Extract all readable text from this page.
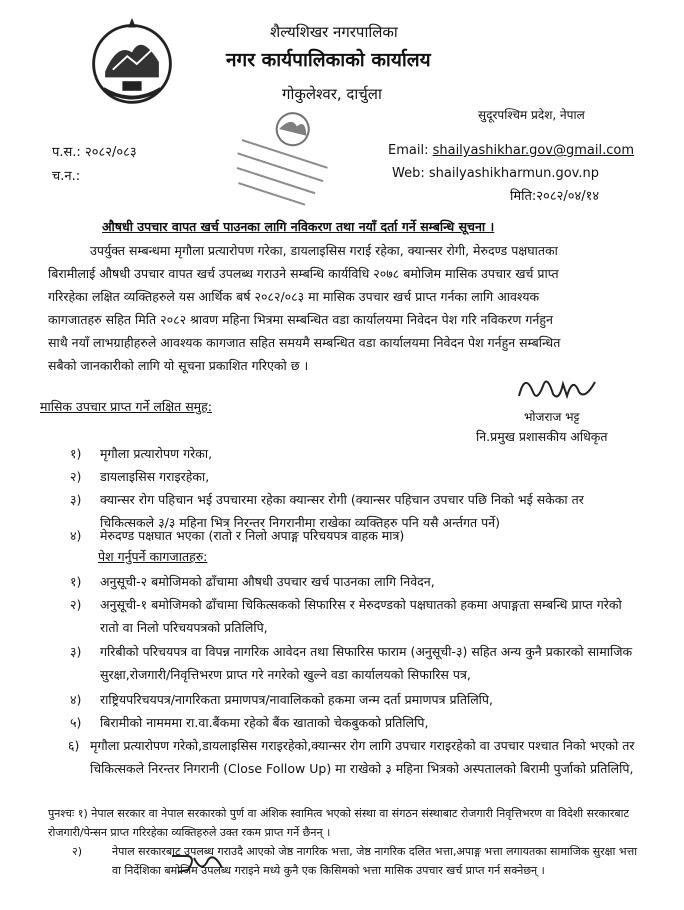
शैल्यशिखर नगरपालिका
नगर कार्यपालिकाको कार्यालय
गोकुलेश्वर, दार्चुला
सुदूरपश्चिम प्रदेश, नेपाल
प.स.: २०८२/०८३
च.न.:
Email: shailyashikhar.gov@gmail.com
Web: shailyashikharmun.gov.np
मिति:२०८२/०४/१४
औषधी उपचार वापत खर्च पाउनका लागि नविकरण तथा नयाँ दर्ता गर्ने सम्बन्धि सूचना ।
उपर्युक्त सम्बन्धमा मृगौला प्रत्यारोपण गरेका, डायलाइसिस गराई रहेका, क्यान्सर रोगी, मेरुदण्ड पक्षघातका
बिरामीलाई औषधी उपचार वापत खर्च उपलब्ध गराउने सम्बन्धि कार्यविधि २०७८ बमोजिम मासिक उपचार खर्च प्राप्त
गरिरहेका लक्षित व्यक्तिहरुले यस आर्थिक बर्ष २०८२/०८३ मा मासिक उपचार खर्च प्राप्त गर्नका लागि आवश्यक
कागजातहरु सहित मिति २०८२ श्रावण महिना भित्रमा सम्बन्धित वडा कार्यालयमा निवेदन पेश गरि नविकरण गर्नहुन
साथै नयाँ लाभग्राहीहरुले आवश्यक कागजात सहित समयमै सम्बन्धित वडा कार्यालयमा निवेदन पेश गर्नहुन सम्बन्धित
सबैको जानकारीको लागि यो सूचना प्रकाशित गरिएको छ ।
भोजराज भट्ट
नि.प्रमुख प्रशासकीय अधिकृत
मासिक उपचार प्राप्त गर्ने लक्षित समुह:
१) मृगौला प्रत्यारोपण गरेका,
२) डायलाइसिस गराइरहेका,
३) क्यान्सर रोग पहिचान भई उपचारमा रहेका क्यान्सर रोगी (क्यान्सर पहिचान उपचार पछि निको भई सकेका तर चिकित्सकले ३/३ महिना भित्र निरन्तर निगरानीमा राखेका व्यक्तिहरु पनि यसै अर्न्तगत पर्ने)
४) मेरुदण्ड पक्षघात भएका (रातो र निलो अपाङ्ग परिचयपत्र वाहक मात्र)
पेश गर्नुपर्ने कागजातहरु:
१) अनुसूची-२ बमोजिमको ढाँचामा औषधी उपचार खर्च पाउनका लागि निवेदन,
२) अनुसूची-१ बमोजिमको ढाँचामा चिकित्सकको सिफारिस र मेरुदण्डको पक्षघातको हकमा अपाङ्गता सम्बन्धि प्राप्त गरेको रातो वा निलो परिचयपत्रको प्रतिलिपि,
३) गरिबीको परिचयपत्र वा विपन्न नागरिक आवेदन तथा सिफारिस फाराम (अनुसूची-३) सहित अन्य कुनै प्रकारको सामाजिक सुरक्षा,रोजगारी/निवृत्तिभरण प्राप्त गरे नगरेको खुल्ने वडा कार्यालयको सिफारिस पत्र,
४) राष्ट्रियपरिचयपत्र/नागरिकता प्रमाणपत्र/नावालिकको हकमा जन्म दर्ता प्रमाणपत्र प्रतिलिपि,
५) बिरामीको नामममा रा.वा.बैंकमा रहेको बैंक खाताको चेकबुकको प्रतिलिपि,
६) मृगौला प्रत्यारोपण गरेको,डायलाइसिस गराइरहेको,क्यान्सर रोग लागि उपचार गराइरहेको वा उपचार पश्चात निको भएको तर चिकित्सकले निरन्तर निगरानी (Close Follow Up) मा राखेको ३ महिना भित्रको अस्पतालको बिरामी पुर्जाको प्रतिलिपि,
पुनश्चः १) नेपाल सरकार वा नेपाल सरकारको पुर्ण वा अंशिक स्वामित्व भएको संस्था वा संगठन संस्थाबाट रोजगारी निवृत्तिभरण वा विदेशी सरकारबाट रोजगारी/पेन्सन प्राप्त गरिरहेका व्यक्तिहरुले उक्त रकम प्राप्त गर्ने छैनन् ।
२)	नेपाल सरकारबाट उपलब्ध गराउदै आएको जेष्ठ नागरिक भत्ता, जेष्ठ नागरिक दलित भत्ता,अपाङ्ग भत्ता लगायतका सामाजिक सुरक्षा भत्ता वा निर्देशिका बमोजिम उपलब्ध गराइने मध्ये कुनै एक किसिमको भत्ता मासिक उपचार खर्च प्राप्त गर्न सक्नेछन् ।
